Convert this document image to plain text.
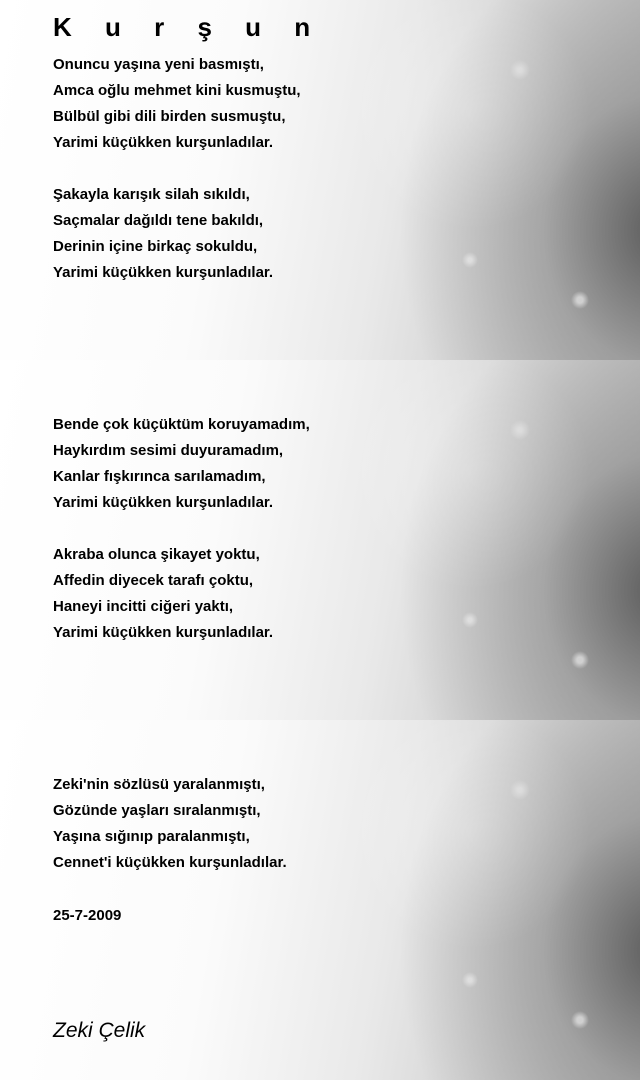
K u r ş u n
Onuncu yaşına yeni basmıştı,
Amca oğlu mehmet kini kusmuştu,
Bülbül gibi dili birden susmuştu,
Yarimi küçükken kurşunladılar.
Şakayla karışık silah sıkıldı,
Saçmalar dağıldı tene bakıldı,
Derinin içine birkaç sokuldu,
Yarimi küçükken kurşunladılar.
Bende çok küçüktüm koruyamadım,
Haykırdım sesimi duyuramadım,
Kanlar fışkırınca sarılamadım,
Yarimi küçükken kurşunladılar.
Akraba olunca şikayet yoktu,
Affedin diyecek tarafı çoktu,
Haneyi incitti ciğeri yaktı,
Yarimi küçükken kurşunladılar.
Zeki'nin sözlüsü yaralanmıştı,
Gözünde yaşları sıralanmıştı,
Yaşına sığınıp paralanmıştı,
Cennet'i küçükken kurşunladılar.
25-7-2009
Zeki Çelik
